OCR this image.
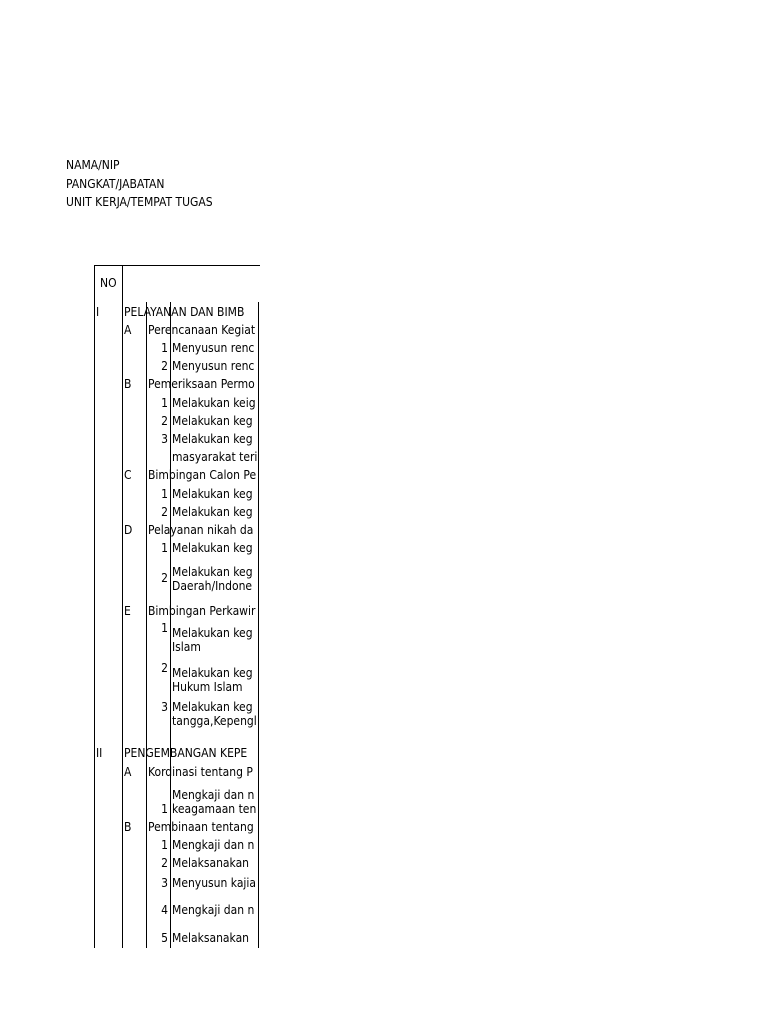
NAMA/NIP
PANGKAT/JABATAN
UNIT KERJA/TEMPAT TUGAS
NO
I PELAYANAN DAN BIMB
A Perencanaan Kegiat
1 Menyusun renc
2 Menyusun renc
B Pemeriksaan Permo
1 Melakukan keig
2 Melakukan keg
3 Melakukan keg
masyarakat teri
C Bimbingan Calon Pe
1 Melakukan keg
2 Melakukan keg
D Pelayanan nikah da
1 Melakukan keg
2 Melakukan keg
Daerah/Indone
E Bimbingan Perkawir
1 Melakukan keg
Islam
2 Melakukan keg
Hukum Islam
3 Melakukan keg
tangga,Kepengl
II PENGEMBANGAN KEPE
A Kordinasi tentang P
1
Mengkaji dan n
keagamaan ten
B Pembinaan tentang
1 Mengkaji dan n
2 Melaksanakan
3 Menyusun kajia
4 Mengkaji dan n
5 Melaksanakan
